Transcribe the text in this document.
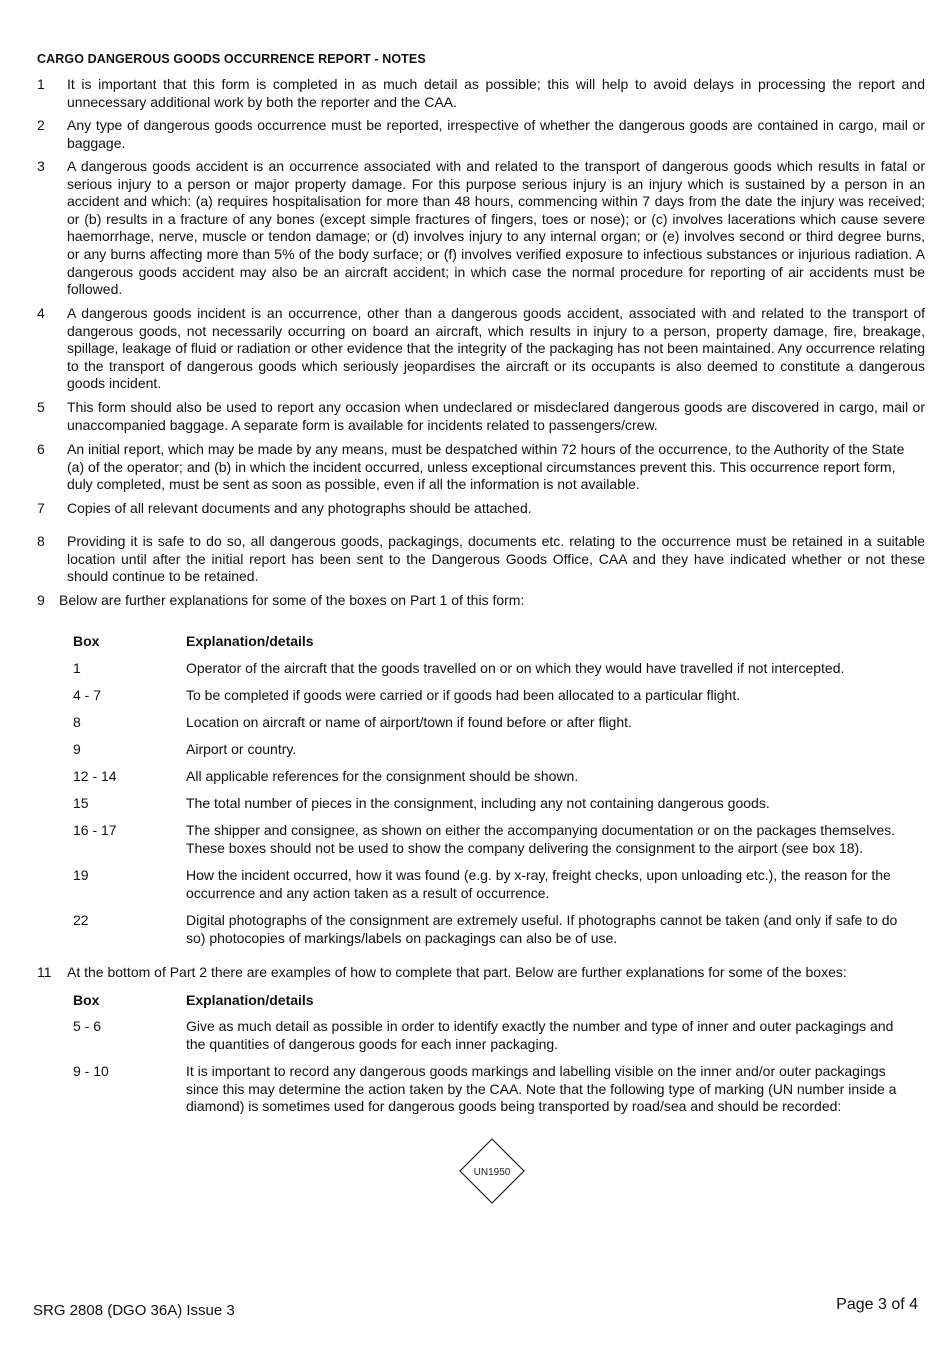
CARGO DANGEROUS GOODS OCCURRENCE REPORT - NOTES
1	It is important that this form is completed in as much detail as possible; this will help to avoid delays in processing the report and unnecessary additional work by both the reporter and the CAA.
2	Any type of dangerous goods occurrence must be reported, irrespective of whether the dangerous goods are contained in cargo, mail or baggage.
3	A dangerous goods accident is an occurrence associated with and related to the transport of dangerous goods which results in fatal or serious injury to a person or major property damage. For this purpose serious injury is an injury which is sustained by a person in an accident and which: (a) requires hospitalisation for more than 48 hours, commencing within 7 days from the date the injury was received; or (b) results in a fracture of any bones (except simple fractures of fingers, toes or nose); or (c) involves lacerations which cause severe haemorrhage, nerve, muscle or tendon damage; or (d) involves injury to any internal organ; or (e) involves second or third degree burns, or any burns affecting more than 5% of the body surface; or (f) involves verified exposure to infectious substances or injurious radiation. A dangerous goods accident may also be an aircraft accident; in which case the normal procedure for reporting of air accidents must be followed.
4	A dangerous goods incident is an occurrence, other than a dangerous goods accident, associated with and related to the transport of dangerous goods, not necessarily occurring on board an aircraft, which results in injury to a person, property damage, fire, breakage, spillage, leakage of fluid or radiation or other evidence that the integrity of the packaging has not been maintained. Any occurrence relating to the transport of dangerous goods which seriously jeopardises the aircraft or its occupants is also deemed to constitute a dangerous goods incident.
5	This form should also be used to report any occasion when undeclared or misdeclared dangerous goods are discovered in cargo, mail or unaccompanied baggage. A separate form is available for incidents related to passengers/crew.
6	An initial report, which may be made by any means, must be despatched within 72 hours of the occurrence, to the Authority of the State (a) of the operator; and (b) in which the incident occurred, unless exceptional circumstances prevent this. This occurrence report form, duly completed, must be sent as soon as possible, even if all the information is not available.
7	Copies of all relevant documents and any photographs should be attached.
8	Providing it is safe to do so, all dangerous goods, packagings, documents etc. relating to the occurrence must be retained in a suitable location until after the initial report has been sent to the Dangerous Goods Office, CAA and they have indicated whether or not these should continue to be retained.
9	Below are further explanations for some of the boxes on Part 1 of this form:
Box	Explanation/details
1	Operator of the aircraft that the goods travelled on or on which they would have travelled if not intercepted.
4 - 7	To be completed if goods were carried or if goods had been allocated to a particular flight.
8	Location on aircraft or name of airport/town if found before or after flight.
9	Airport or country.
12 - 14	All applicable references for the consignment should be shown.
15	The total number of pieces in the consignment, including any not containing dangerous goods.
16 - 17	The shipper and consignee, as shown on either the accompanying documentation or on the packages themselves. These boxes should not be used to show the company delivering the consignment to the airport (see box 18).
19	How the incident occurred, how it was found (e.g. by x-ray, freight checks, upon unloading etc.), the reason for the occurrence and any action taken as a result of occurrence.
22	Digital photographs of the consignment are extremely useful. If photographs cannot be taken (and only if safe to do so) photocopies of markings/labels on packagings can also be of use.
11	At the bottom of Part 2 there are examples of how to complete that part. Below are further explanations for some of the boxes:
Box	Explanation/details
5 - 6	Give as much detail as possible in order to identify exactly the number and type of inner and outer packagings and the quantities of dangerous goods for each inner packaging.
9 - 10	It is important to record any dangerous goods markings and labelling visible on the inner and/or outer packagings since this may determine the action taken by the CAA. Note that the following type of marking (UN number inside a diamond) is sometimes used for dangerous goods being transported by road/sea and should be recorded:
UN1950
SRG 2808 (DGO 36A) Issue 3	Page 3 of 4
